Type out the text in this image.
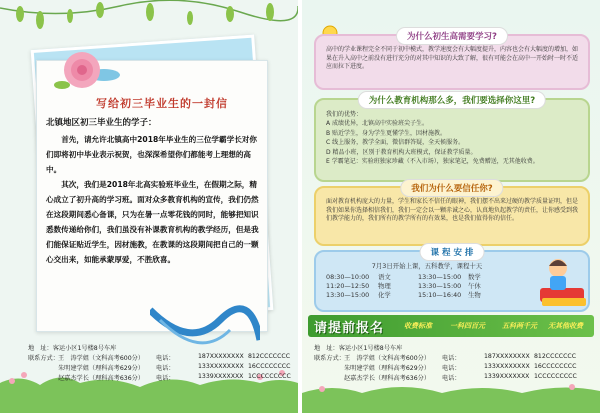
写给初三毕业生的一封信
北镇地区初三毕业生的学子：

首先，请允许北镇高中2018年毕业生的三位学霸学长对你们即将初中毕业表示祝贺，也深深希望你们都能考上理想的高中。

其次，我们是2018年北高实验班毕业生，在假期之际，精心成立了初升高的学习班。面对众多教育机构的宣传，我们仍然在这段期间悉心备课，只为在暑一点零花钱的同时，能够把知识悉数传递给你们，我们虽没有补课教育机构的教学经历，但是我们能保证贴近学生，因材施教，在教课的这段期间把自己的一颗心交出来，如能承蒙厚爱，不胜欣喜。

地　址：客运小区1号楼8号车库
联系方式： 王　涛学姐（文科高考600分） 电话：	187XXXXXXXX 812CCCCCCC
朱明建学姐（理科高考629分） 电话：	133XXXXXXXX 16CCCCCCCC
赵嘉杰学长（理科高考636分） 电话：	1339XXXXXXX 1CCCCCCCCC
为什么初生高需要学习?
高中的学业课程完全不同于初中模式，教学速度会有大幅度提升，内容也会有大幅度的增加，如果在升入高中之前没有进行充分的对其中知识的大致了解，很有可能会在高中一开始时一时不适应而拉下进度。
为什么教育机构那么多，我们要选择你这里?

我们的优势：

A 成绩优异，北镇高中实验班尖子生。

B 贴近学生，身为学生更懂学生，因材施教。

C 线上服务，教学全面，微信群答疑，全天候服务。

D 精品小班，区别于教育机构大班模式，保证教学质量。

E 学霸笔记：实验班独家珍藏（不入市场），独家笔记，免费赠送，无其他收费。

我们为什么要信任你?
面对教育机构庞大的力量，学生和家长不信任的眼神，我们摆不出来过硬的教学质量证明，但是我们如果你选择相信我们，我们一定会以一颗赤诚之心，认真地负起教学的责任，让你感受到我们教学能力的，我们所有的教学所有的有效果，也是我们值得你的信任。
课 程 安 排
7月3日开始上课，五科教学，课程十天
08:30—10:00 语文	13:30—15:00 数学
11:20—12:50 物理	13:30—15:00 午休
13:30—15:00 化学	15:10—16:40 生物
请提前报名	收费标准	一科四百元 五科两千元 无其他收费
地　址：客运小区1号楼8号车库
联系方式： 王　涛学姐（文科高考600分） 电话：	187XXXXXXXX 812CCCCCCC
朱明建学姐（理科高考629分） 电话：	133XXXXXXXX 16CCCCCCCC
赵嘉杰学长（理科高考636分） 电话：	1339XXXXXXX 1CCCCCCCCC
